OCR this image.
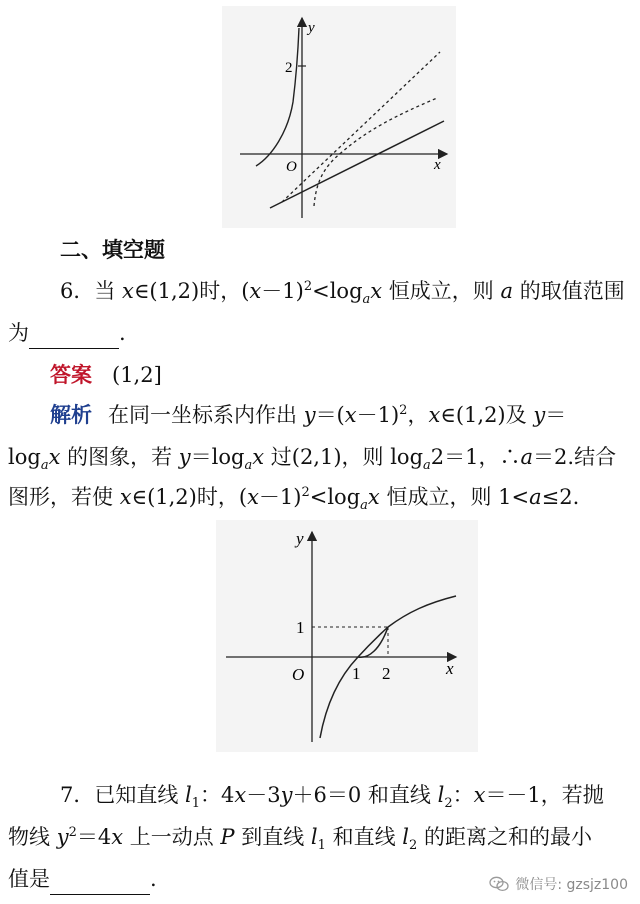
y
x
O
2
二、填空题
6．当 x∈(1,2)时，$(x-1)^2<\log_ax$ 恒成立，则 a 的取值范围
为	.
答案 (1,2]
解析 在同一坐标系内作出 $y=(x-1)^2$，x∈(1,2)及 y＝
$\log_ax$ 的图象，若 $y=\log_ax$ 过(2,1)，则 $\log_a2=1$，∴a＝2.结合
图形，若使 x∈(1,2)时，$(x-1)^2<\log_ax$ 恒成立，则 1<a≤2.
y
x
O	1 2
1
7．已知直线 $l_1$：4x－3y＋6＝0 和直线 $l_2$：x＝－1，若抛
物线 $y^2=4x$ 上一动点 P 到直线 $l_1$ 和直线 $l_2$ 的距离之和的最小
值是	.	微信号: gzsjz100
